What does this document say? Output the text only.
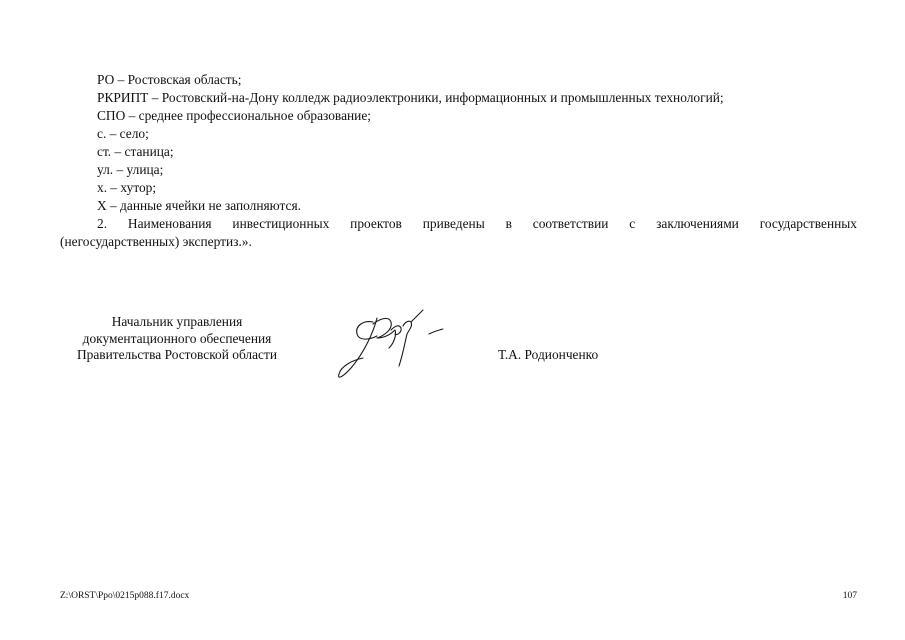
РО – Ростовская область;
РКРИПТ – Ростовский-на-Дону колледж радиоэлектроники, информационных и промышленных технологий;
СПО – среднее профессиональное образование;
с. – село;
ст. – станица;
ул. – улица;
х. – хутор;
Х – данные ячейки не заполняются.
2. Наименования инвестиционных проектов приведены в соответствии с заключениями государственных
(негосударственных) экспертиз.».
Начальник управления
документационного обеспечения
Правительства Ростовской области	Т.А. Родионченко
Z:\ORST\Ppo\0215p088.f17.docx	107
